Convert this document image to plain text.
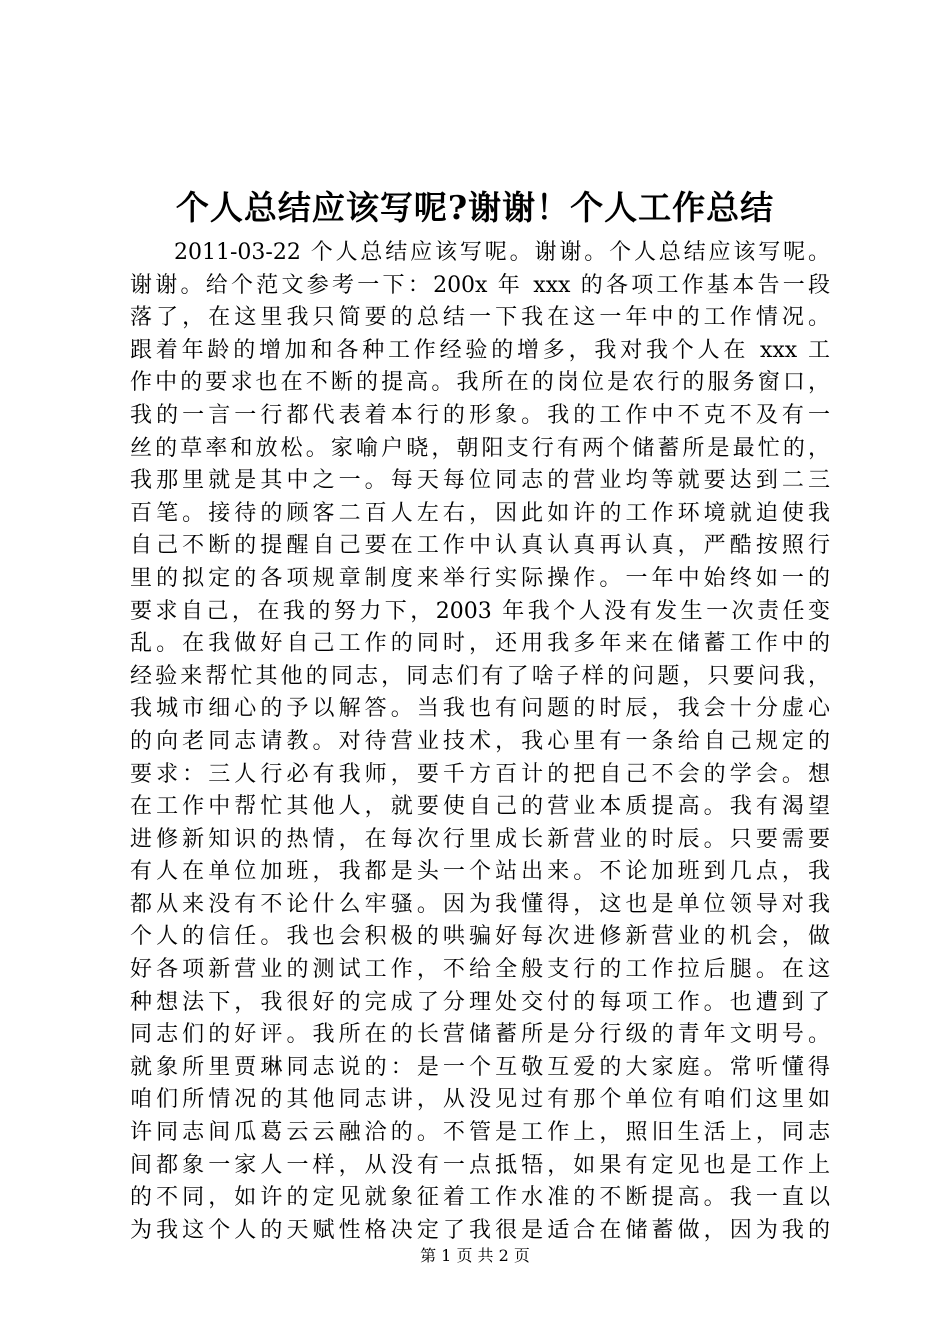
个人总结应该写呢?谢谢！个人工作总结
2011-03-22 个人总结应该写呢。谢谢。个人总结应该写呢。
谢谢。给个范文参考一下：200x 年 xxx 的各项工作基本告一段
落了，在这里我只简要的总结一下我在这一年中的工作情况。
跟着年龄的增加和各种工作经验的增多，我对我个人在 xxx 工
作中的要求也在不断的提高。我所在的岗位是农行的服务窗口，
我的一言一行都代表着本行的形象。我的工作中不克不及有一
丝的草率和放松。家喻户晓，朝阳支行有两个储蓄所是最忙的，
我那里就是其中之一。每天每位同志的营业均等就要达到二三
百笔。接待的顾客二百人左右，因此如许的工作环境就迫使我
自己不断的提醒自己要在工作中认真认真再认真，严酷按照行
里的拟定的各项规章制度来举行实际操作。一年中始终如一的
要求自己，在我的努力下，2003 年我个人没有发生一次责任变
乱。在我做好自己工作的同时，还用我多年来在储蓄工作中的
经验来帮忙其他的同志，同志们有了啥子样的问题，只要问我，
我城市细心的予以解答。当我也有问题的时辰，我会十分虚心
的向老同志请教。对待营业技术，我心里有一条给自己规定的
要求：三人行必有我师，要千方百计的把自己不会的学会。想
在工作中帮忙其他人，就要使自己的营业本质提高。我有渴望
进修新知识的热情，在每次行里成长新营业的时辰。只要需要
有人在单位加班，我都是头一个站出来。不论加班到几点，我
都从来没有不论什么牢骚。因为我懂得，这也是单位领导对我
个人的信任。我也会积极的哄骗好每次进修新营业的机会，做
好各项新营业的测试工作，不给全般支行的工作拉后腿。在这
种想法下，我很好的完成了分理处交付的每项工作。也遭到了
同志们的好评。我所在的长营储蓄所是分行级的青年文明号。
就象所里贾琳同志说的：是一个互敬互爱的大家庭。常听懂得
咱们所情况的其他同志讲，从没见过有那个单位有咱们这里如
许同志间瓜葛云云融洽的。不管是工作上，照旧生活上，同志
间都象一家人一样，从没有一点抵牾，如果有定见也是工作上
的不同，如许的定见就象征着工作水准的不断提高。我一直以
为我这个人的天赋性格决定了我很是适合在储蓄做，因为我的
第 1 页 共 2 页
